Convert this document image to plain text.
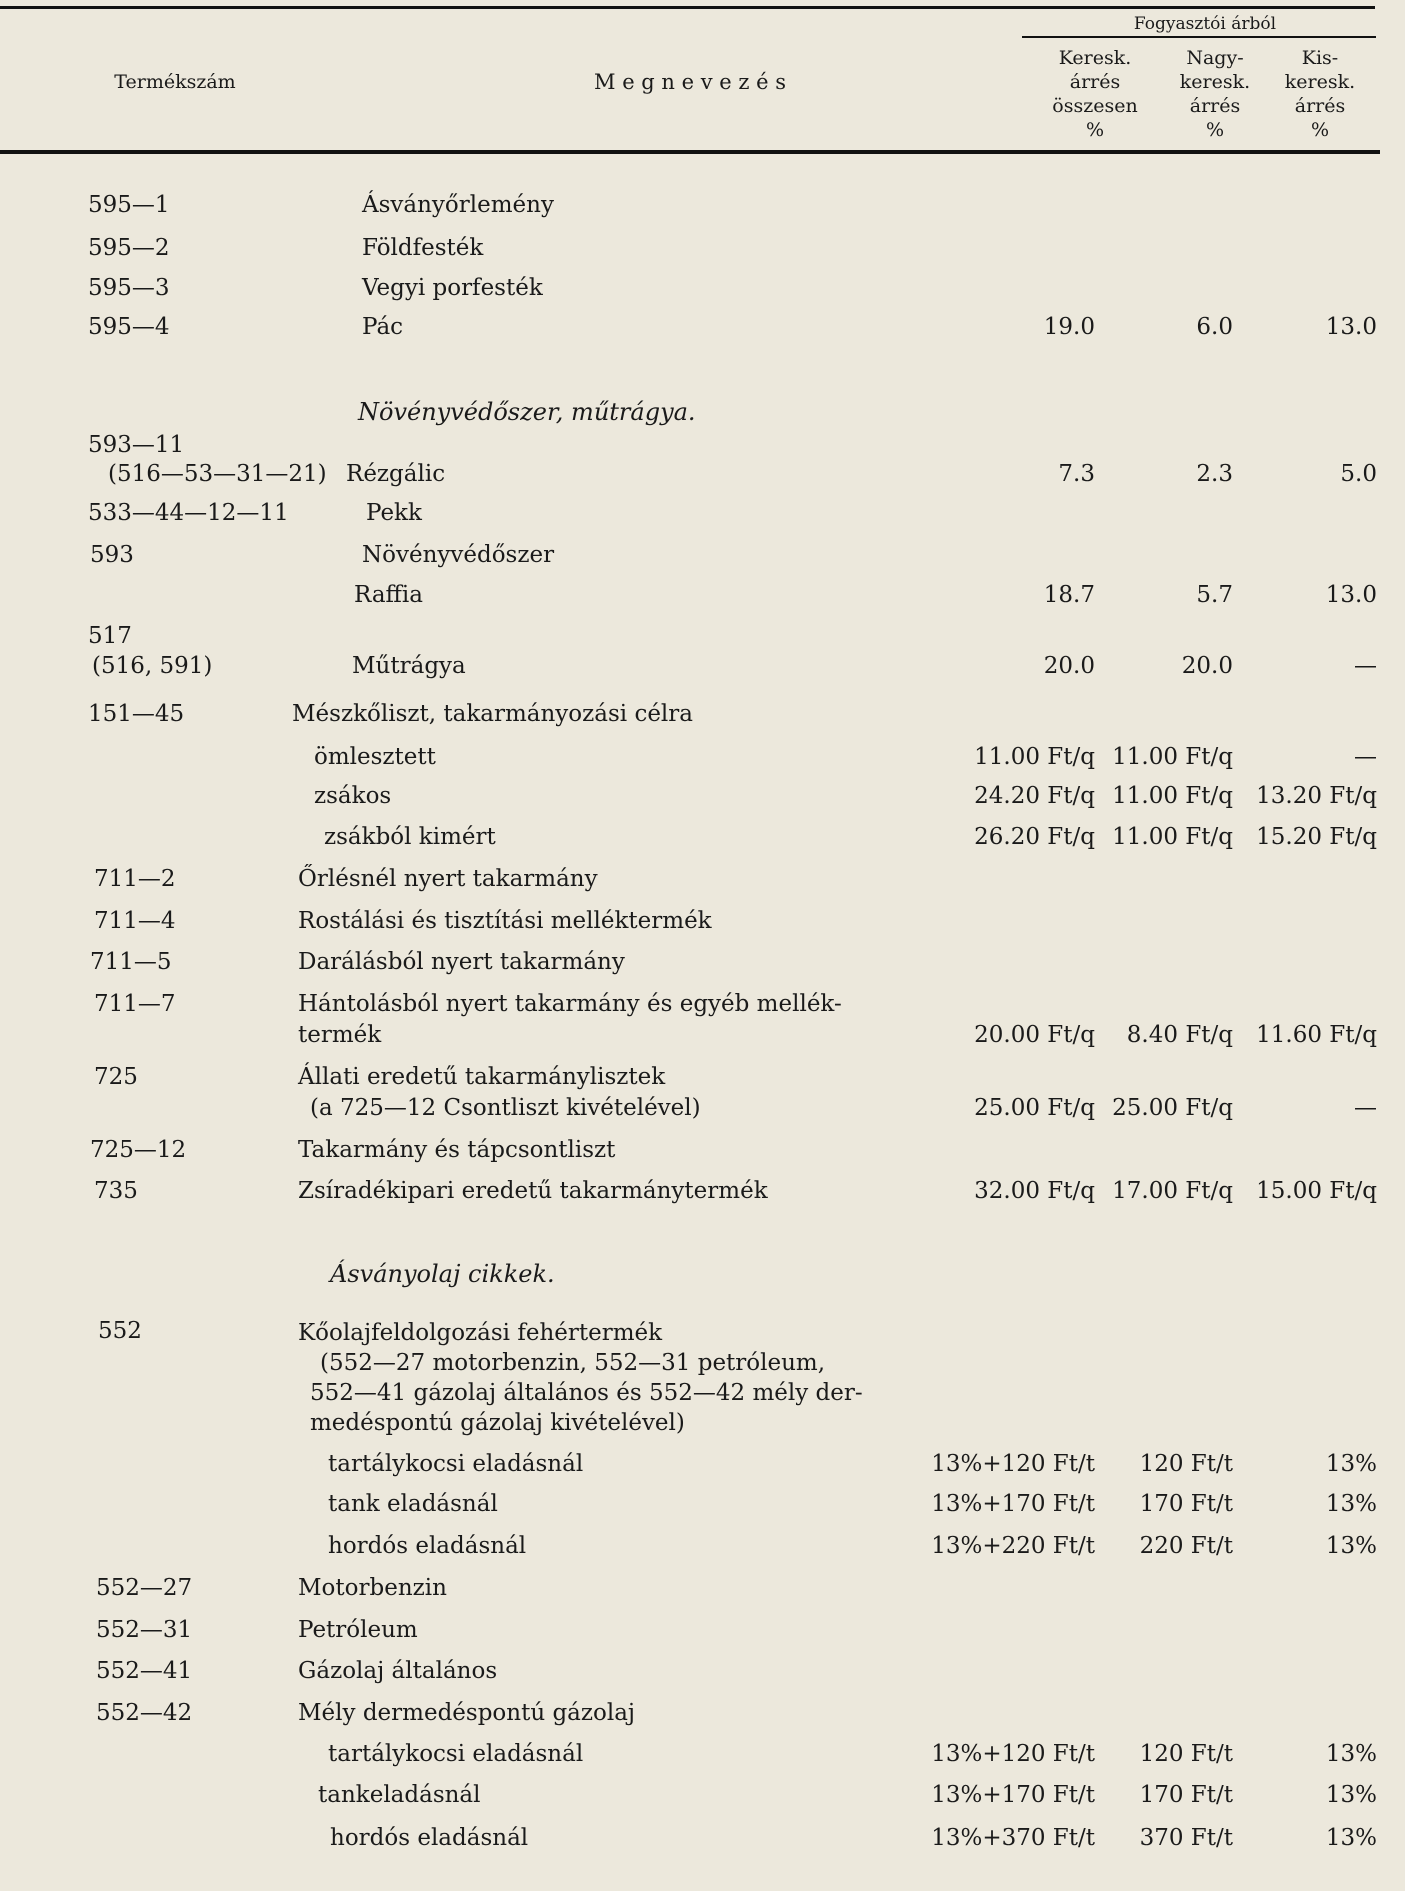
Termékszám	M e g n e v e z é s
Fogyasztói árból
Keresk.
árrés
összesen
%
Nagy-
keresk.
árrés
%
Kis-
keresk.
árrés
%
595—1	Ásványőrlemény
595—2	Földfesték
595—3	Vegyi porfesték
595—4	Pác	19.0	6.0	13.0
Növényvédőszer, műtrágya.
593—11
(516—53—31—21) Rézgálic	7.3	2.3	5.0
533—44—12—11	Pekk
593	Növényvédőszer
Raffia	18.7	5.7	13.0
517
(516, 591)	Műtrágya	20.0	20.0	—
151—45	Mészkőliszt, takarmányozási célra
ömlesztett	11.00 Ft/q 11.00 Ft/q	—
zsákos	24.20 Ft/q 11.00 Ft/q 13.20 Ft/q
zsákból kimért	26.20 Ft/q 11.00 Ft/q 15.20 Ft/q
711—2	Őrlésnél nyert takarmány
711—4	Rostálási és tisztítási melléktermék
711—5	Darálásból nyert takarmány
711—7	Hántolásból nyert takarmány és egyéb mellék-
termék	20.00 Ft/q 8.40 Ft/q 11.60 Ft/q
725	Állati eredetű takarmánylisztek
(a 725—12 Csontliszt kivételével)	25.00 Ft/q 25.00 Ft/q	—
725—12	Takarmány és tápcsontliszt
735	Zsíradékipari eredetű takarmánytermék	32.00 Ft/q 17.00 Ft/q 15.00 Ft/q
Ásványolaj cikkek.
552	Kőolajfeldolgozási fehértermék
(552—27 motorbenzin, 552—31 petróleum,
552—41 gázolaj általános és 552—42 mély der-
medéspontú gázolaj kivételével)
tartálykocsi eladásnál	13%+120 Ft/t 120 Ft/t	13%
tank eladásnál	13%+170 Ft/t 170 Ft/t	13%
hordós eladásnál	13%+220 Ft/t 220 Ft/t	13%
552—27	Motorbenzin
552—31	Petróleum
552—41	Gázolaj általános
552—42	Mély dermedéspontú gázolaj
tartálykocsi eladásnál	13%+120 Ft/t 120 Ft/t	13%
tankeladásnál	13%+170 Ft/t 170 Ft/t	13%
hordós eladásnál	13%+370 Ft/t 370 Ft/t	13%
